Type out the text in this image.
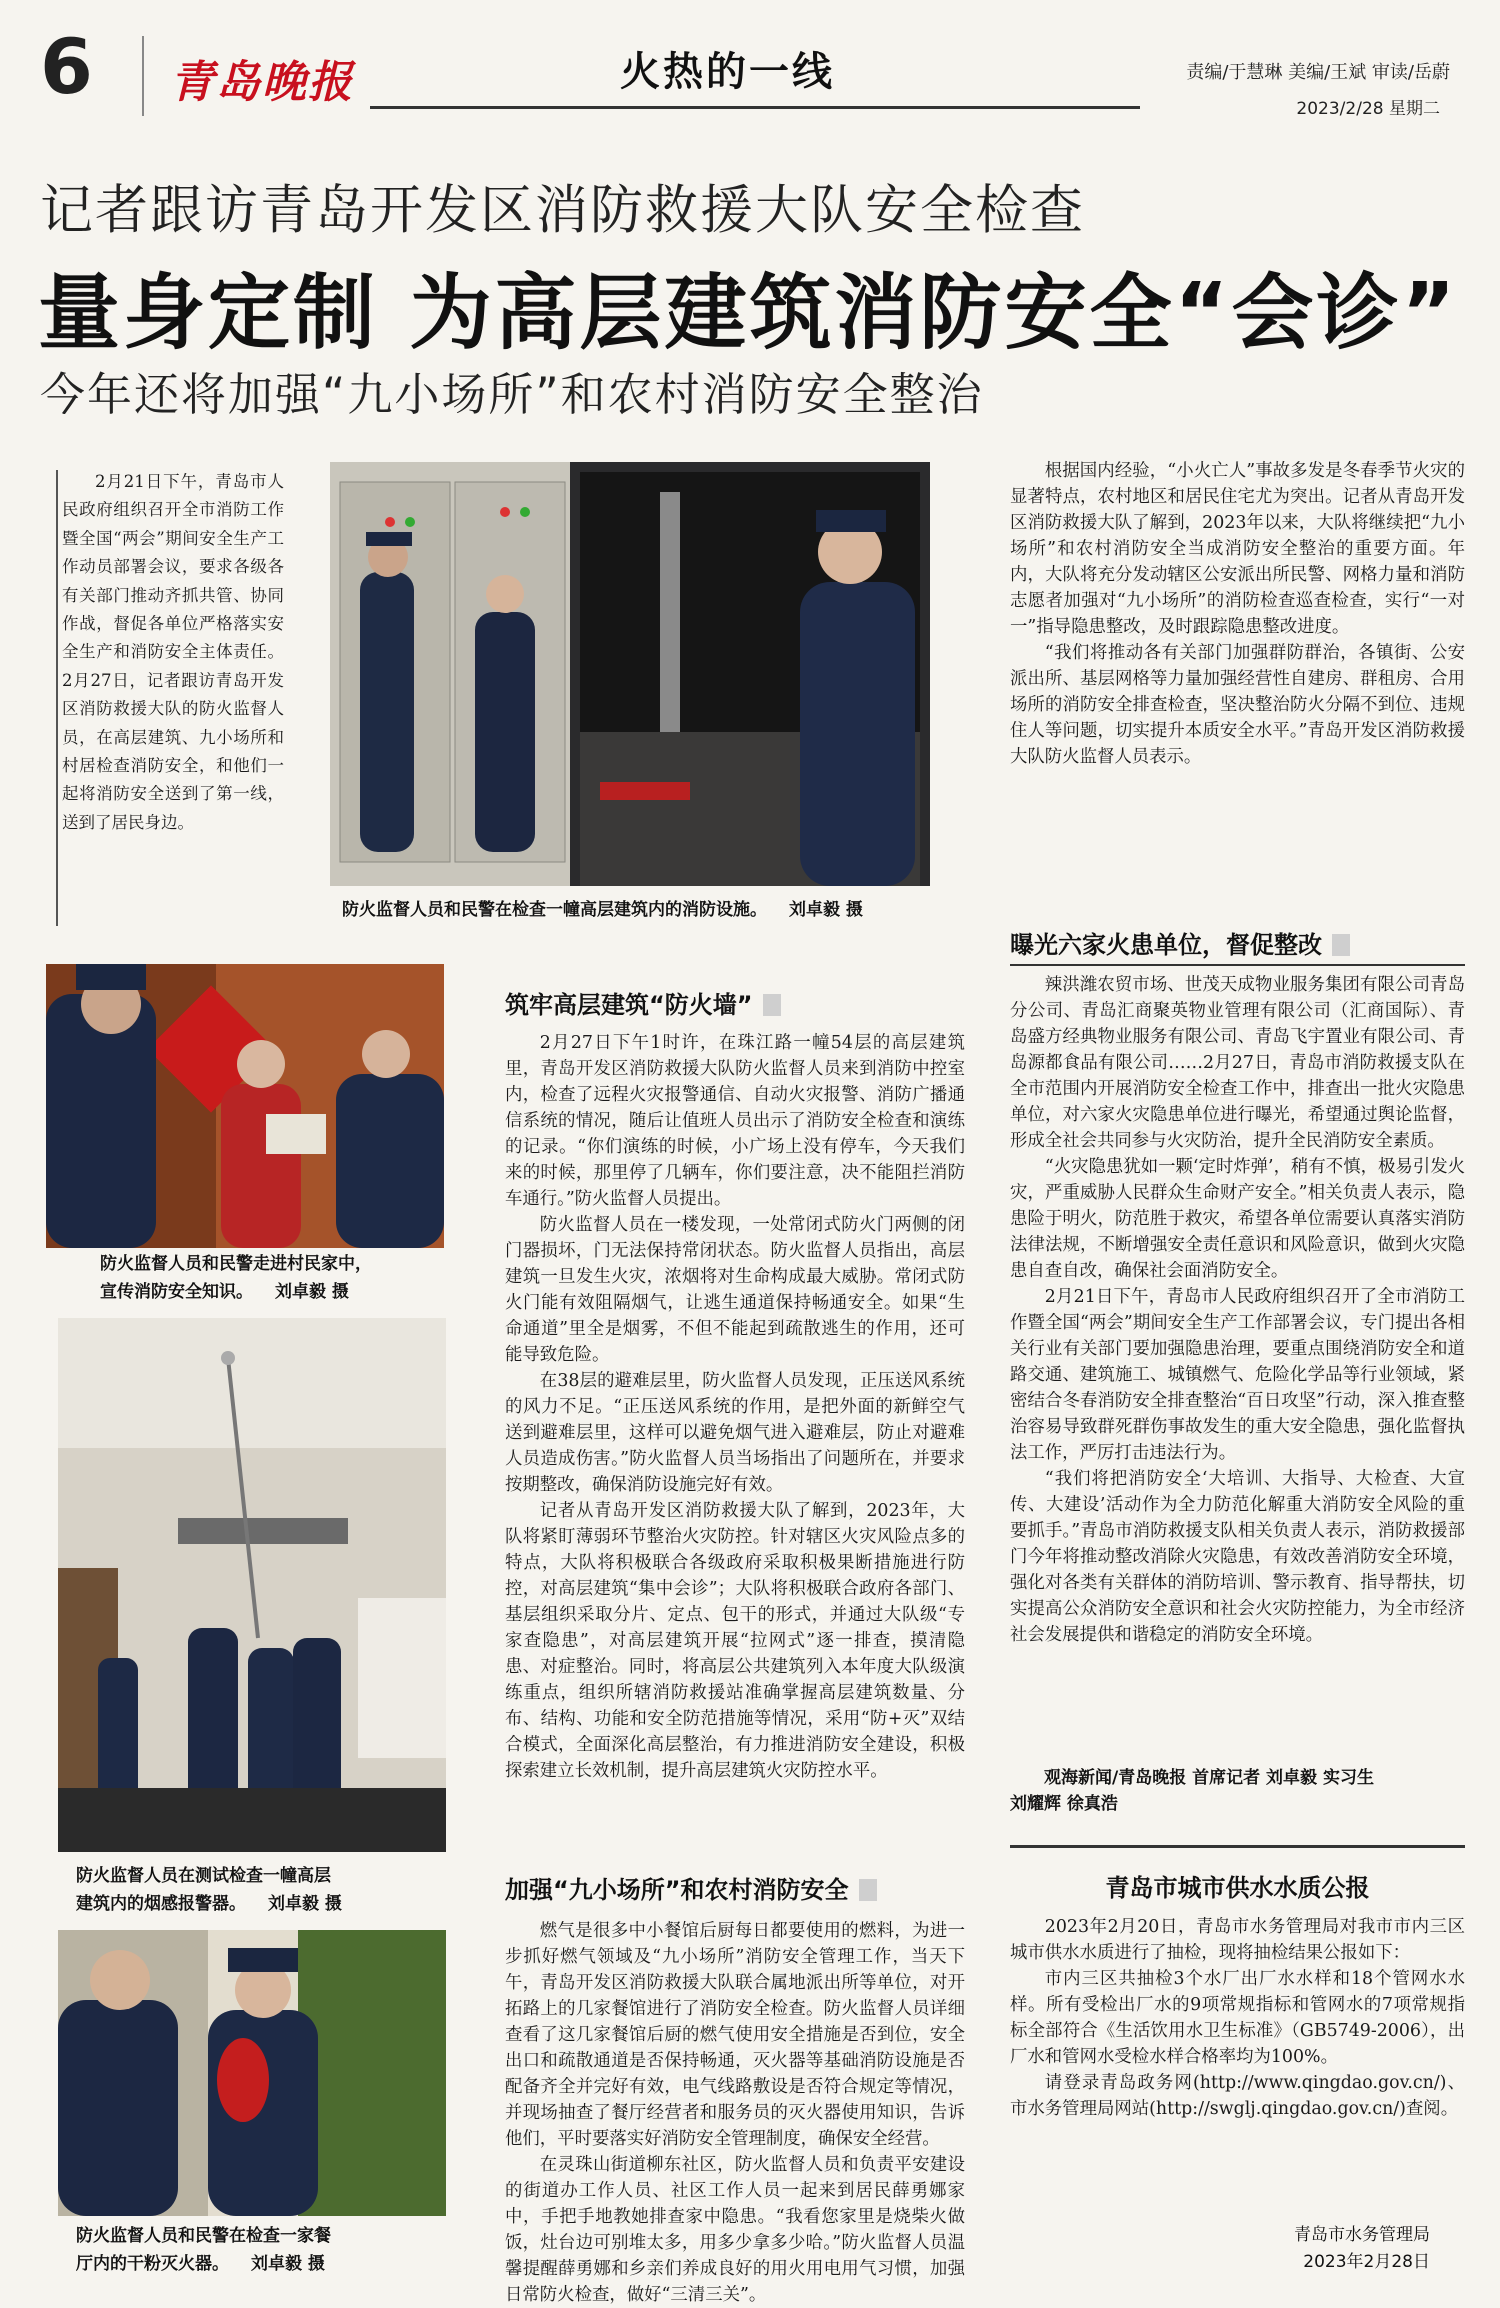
6	青岛晚报	火热的一线	责编/于慧琳 美编/王斌 审读/岳蔚
2023/2/28 星期二
记者跟访青岛开发区消防救援大队安全检查
量身定制 为高层建筑消防安全“会诊”
今年还将加强“九小场所”和农村消防安全整治
2月21日下午，青岛市人民政府组织召开全市消防工作暨全国“两会”期间安全生产工作动员部署会议，要求各级各有关部门推动齐抓共管、协同作战，督促各单位严格落实安全生产和消防安全主体责任。2月27日，记者跟访青岛开发区消防救援大队的防火监督人员，在高层建筑、九小场所和村居检查消防安全，和他们一起将消防安全送到了第一线，送到了居民身边。
防火监督人员和民警在检查一幢高层建筑内的消防设施。 刘卓毅 摄
防火监督人员和民警走进村民家中，
宣传消防安全知识。 刘卓毅 摄
防火监督人员在测试检查一幢高层
建筑内的烟感报警器。 刘卓毅 摄
防火监督人员和民警在检查一家餐
厅内的干粉灭火器。 刘卓毅 摄
筑牢高层建筑“防火墙”

2月27日下午1时许，在珠江路一幢54层的高层建筑里，青岛开发区消防救援大队防火监督人员来到消防中控室内，检查了远程火灾报警通信、自动火灾报警、消防广播通信系统的情况，随后让值班人员出示了消防安全检查和演练的记录。“你们演练的时候，小广场上没有停车，今天我们来的时候，那里停了几辆车，你们要注意，决不能阻拦消防车通行。”防火监督人员提出。

防火监督人员在一楼发现，一处常闭式防火门两侧的闭门器损坏，门无法保持常闭状态。防火监督人员指出，高层建筑一旦发生火灾，浓烟将对生命构成最大威胁。常闭式防火门能有效阻隔烟气，让逃生通道保持畅通安全。如果“生命通道”里全是烟雾，不但不能起到疏散逃生的作用，还可能导致危险。

在38层的避难层里，防火监督人员发现，正压送风系统的风力不足。“正压送风系统的作用，是把外面的新鲜空气送到避难层里，这样可以避免烟气进入避难层，防止对避难人员造成伤害。”防火监督人员当场指出了问题所在，并要求按期整改，确保消防设施完好有效。

记者从青岛开发区消防救援大队了解到，2023年，大队将紧盯薄弱环节整治火灾防控。针对辖区火灾风险点多的特点，大队将积极联合各级政府采取积极果断措施进行防控，对高层建筑“集中会诊”；大队将积极联合政府各部门、基层组织采取分片、定点、包干的形式，并通过大队级“专家查隐患”，对高层建筑开展“拉网式”逐一排查，摸清隐患、对症整治。同时，将高层公共建筑列入本年度大队级演练重点，组织所辖消防救援站准确掌握高层建筑数量、分布、结构、功能和安全防范措施等情况，采用“防+灭”双结合模式，全面深化高层整治，有力推进消防安全建设，积极探索建立长效机制，提升高层建筑火灾防控水平。

加强“九小场所”和农村消防安全

燃气是很多中小餐馆后厨每日都要使用的燃料，为进一步抓好燃气领域及“九小场所”消防安全管理工作，当天下午，青岛开发区消防救援大队联合属地派出所等单位，对开拓路上的几家餐馆进行了消防安全检查。防火监督人员详细查看了这几家餐馆后厨的燃气使用安全措施是否到位，安全出口和疏散通道是否保持畅通，灭火器等基础消防设施是否配备齐全并完好有效，电气线路敷设是否符合规定等情况，并现场抽查了餐厅经营者和服务员的灭火器使用知识，告诉他们，平时要落实好消防安全管理制度，确保安全经营。

在灵珠山街道柳东社区，防火监督人员和负责平安建设的街道办工作人员、社区工作人员一起来到居民薛勇娜家中，手把手地教她排查家中隐患。“我看您家里是烧柴火做饭，灶台边可别堆太多，用多少拿多少哈。”防火监督人员温馨提醒薛勇娜和乡亲们养成良好的用火用电用气习惯，加强日常防火检查，做好“三清三关”。

根据国内经验，“小火亡人”事故多发是冬春季节火灾的显著特点，农村地区和居民住宅尤为突出。记者从青岛开发区消防救援大队了解到，2023年以来，大队将继续把“九小场所”和农村消防安全当成消防安全整治的重要方面。年内，大队将充分发动辖区公安派出所民警、网格力量和消防志愿者加强对“九小场所”的消防检查巡查检查，实行“一对一”指导隐患整改，及时跟踪隐患整改进度。

“我们将推动各有关部门加强群防群治，各镇街、公安派出所、基层网格等力量加强经营性自建房、群租房、合用场所的消防安全排查检查，坚决整治防火分隔不到位、违规住人等问题，切实提升本质安全水平。”青岛开发区消防救援大队防火监督人员表示。

曝光六家火患单位，督促整改

辣洪潍农贸市场、世茂天成物业服务集团有限公司青岛分公司、青岛汇商聚英物业管理有限公司（汇商国际）、青岛盛方经典物业服务有限公司、青岛飞宇置业有限公司、青岛源都食品有限公司……2月27日，青岛市消防救援支队在全市范围内开展消防安全检查工作中，排查出一批火灾隐患单位，对六家火灾隐患单位进行曝光，希望通过舆论监督，形成全社会共同参与火灾防治，提升全民消防安全素质。

“火灾隐患犹如一颗‘定时炸弹’，稍有不慎，极易引发火灾，严重威胁人民群众生命财产安全。”相关负责人表示，隐患险于明火，防范胜于救灾，希望各单位需要认真落实消防法律法规，不断增强安全责任意识和风险意识，做到火灾隐患自查自改，确保社会面消防安全。

2月21日下午，青岛市人民政府组织召开了全市消防工作暨全国“两会”期间安全生产工作部署会议，专门提出各相关行业有关部门要加强隐患治理，要重点围绕消防安全和道路交通、建筑施工、城镇燃气、危险化学品等行业领域，紧密结合冬春消防安全排查整治“百日攻坚”行动，深入推查整治容易导致群死群伤事故发生的重大安全隐患，强化监督执法工作，严厉打击违法行为。

“我们将把消防安全‘大培训、大指导、大检查、大宣传、大建设’活动作为全力防范化解重大消防安全风险的重要抓手。”青岛市消防救援支队相关负责人表示，消防救援部门今年将推动整改消除火灾隐患，有效改善消防安全环境，强化对各类有关群体的消防培训、警示教育、指导帮扶，切实提高公众消防安全意识和社会火灾防控能力，为全市经济社会发展提供和谐稳定的消防安全环境。

观海新闻/青岛晚报 首席记者 刘卓毅 实习生
刘耀辉 徐真浩
青岛市城市供水水质公报

2023年2月20日，青岛市水务管理局对我市市内三区城市供水水质进行了抽检，现将抽检结果公报如下：

市内三区共抽检3个水厂出厂水水样和18个管网水水样。所有受检出厂水的9项常规指标和管网水的7项常规指标全部符合《生活饮用水卫生标准》（GB5749-2006），出厂水和管网水受检水样合格率均为100%。

请登录青岛政务网(http://www.qingdao.gov.cn/)、市水务管理局网站(http://swglj.qingdao.gov.cn/)查阅。

青岛市水务管理局
2023年2月28日
